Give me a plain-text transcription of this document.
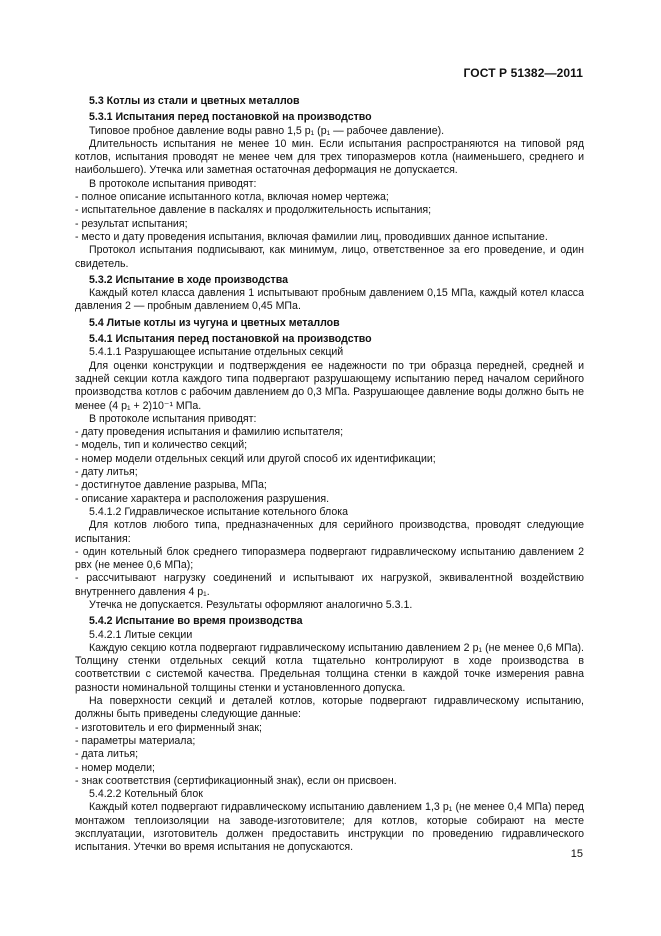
ГОСТ Р 51382—2011

5.3 Котлы из стали и цветных металлов

5.3.1 Испытания перед постановкой на производство

Типовое пробное давление воды равно 1,5 p₁ (p₁ — рабочее давление).

Длительность испытания не менее 10 мин. Если испытания распространяются на типовой ряд котлов, испытания проводят не менее чем для трех типоразмеров котла (наименьшего, среднего и наибольшего). Утечка или заметная остаточная деформация не допускается.

В протоколе испытания приводят:

- полное описание испытанного котла, включая номер чертежа;

- испытательное давление в пасkaлях и продолжительность испытания;

- результат испытания;

- место и дату проведения испытания, включая фамилии лиц, проводивших данное испытание.

Протокол испытания подписывают, как минимум, лицо, ответственное за его проведение, и один свидетель.

5.3.2 Испытание в ходе производства

Каждый котел класса давления 1 испытывают пробным давлением 0,15 МПа, каждый котел класса давления 2 — пробным давлением 0,45 МПа.

5.4 Литые котлы из чугуна и цветных металлов

5.4.1 Испытания перед постановкой на производство

5.4.1.1 Разрушающее испытание отдельных секций

Для оценки конструкции и подтверждения ее надежности по три образца передней, средней и задней секции котла каждого типа подвергают разрушающему испытанию перед началом серийного производства котлов с рабочим давлением до 0,3 МПа. Разрушающее давление воды должно быть не менее (4 p₁ + 2)10⁻¹ МПа.

В протоколе испытания приводят:

- дату проведения испытания и фамилию испытателя;

- модель, тип и количество секций;

- номер модели отдельных секций или другой способ их идентификации;

- дату литья;

- достигнутое давление разрыва, МПа;

- описание характера и расположения разрушения.

5.4.1.2 Гидравлическое испытание котельного блока

Для котлов любого типа, предназначенных для серийного производства, проводят следующие испытания:

- один котельный блок среднего типоразмера подвергают гидравлическому испытанию давлением 2 pвх (не менее 0,6 МПа);

- рассчитывают нагрузку соединений и испытывают их нагрузкой, эквивалентной воздействию внутреннего давления 4 p₁.

Утечка не допускается. Результаты оформляют аналогично 5.3.1.

5.4.2 Испытание во время производства

5.4.2.1 Литые секции

Каждую секцию котла подвергают гидравлическому испытанию давлением 2 p₁ (не менее 0,6 МПа). Толщину стенки отдельных секций котла тщательно контролируют в ходе производства в соответствии с системой качества. Предельная толщина стенки в каждой точке измерения равна разности номинальной толщины стенки и установленного допуска.

На поверхности секций и деталей котлов, которые подвергают гидравлическому испытанию, должны быть приведены следующие данные:

- изготовитель и его фирменный знак;

- параметры материала;

- дата литья;

- номер модели;

- знак соответствия (сертификационный знак), если он присвоен.

5.4.2.2 Котельный блок

Каждый котел подвергают гидравлическому испытанию давлением 1,3 p₁ (не менее 0,4 МПа) перед монтажом теплоизоляции на заводе-изготовителе; для котлов, которые собирают на месте эксплуатации, изготовитель должен предоставить инструкции по проведению гидравлического испытания. Утечки во время испытания не допускаются.

15
